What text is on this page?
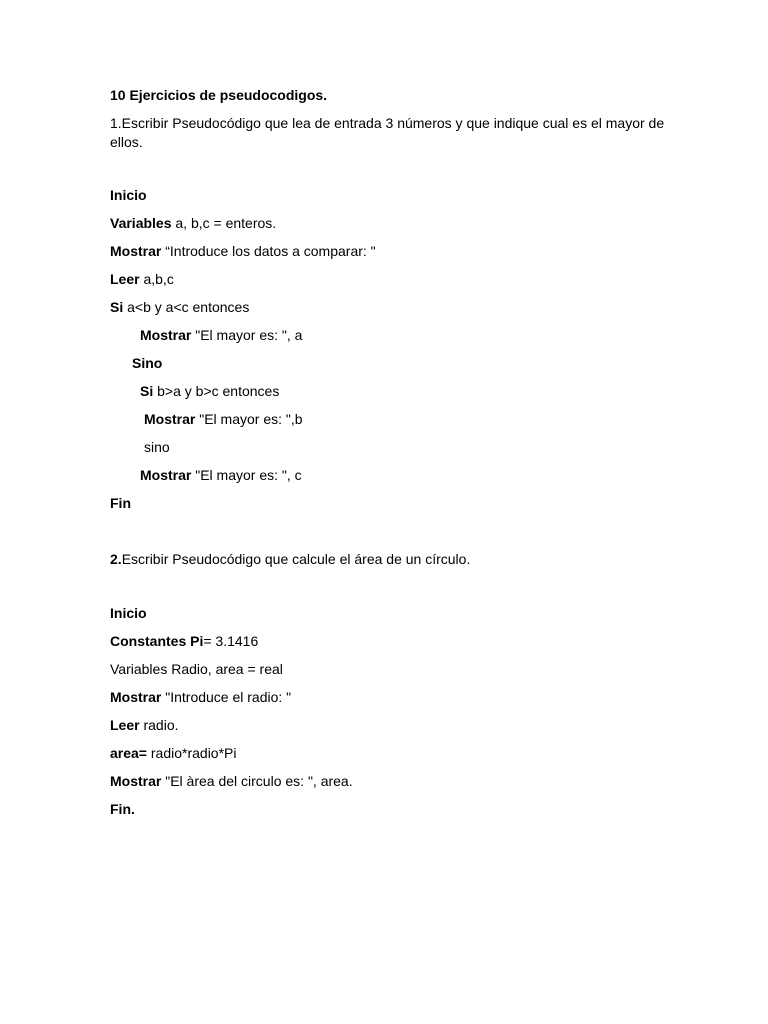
10 Ejercicios de pseudocodigos.
1.Escribir Pseudocódigo que lea de entrada 3 números y que indique cual es el mayor de ellos.
Inicio
Variables a, b,c = enteros.
Mostrar “Introduce los datos a comparar: "
Leer a,b,c
Si a<b y a<c entonces
Mostrar "El mayor es: ", a
Sino
Si b>a y b>c entonces
Mostrar "El mayor es: ",b
sino
Mostrar "El mayor es: ", c
Fin
2.Escribir Pseudocódigo que calcule el área de un círculo.
Inicio
Constantes Pi= 3.1416
Variables Radio, area = real
Mostrar "Introduce el radio: "
Leer radio.
area= radio*radio*Pi
Mostrar "El àrea del circulo es: ", area.
Fin.
